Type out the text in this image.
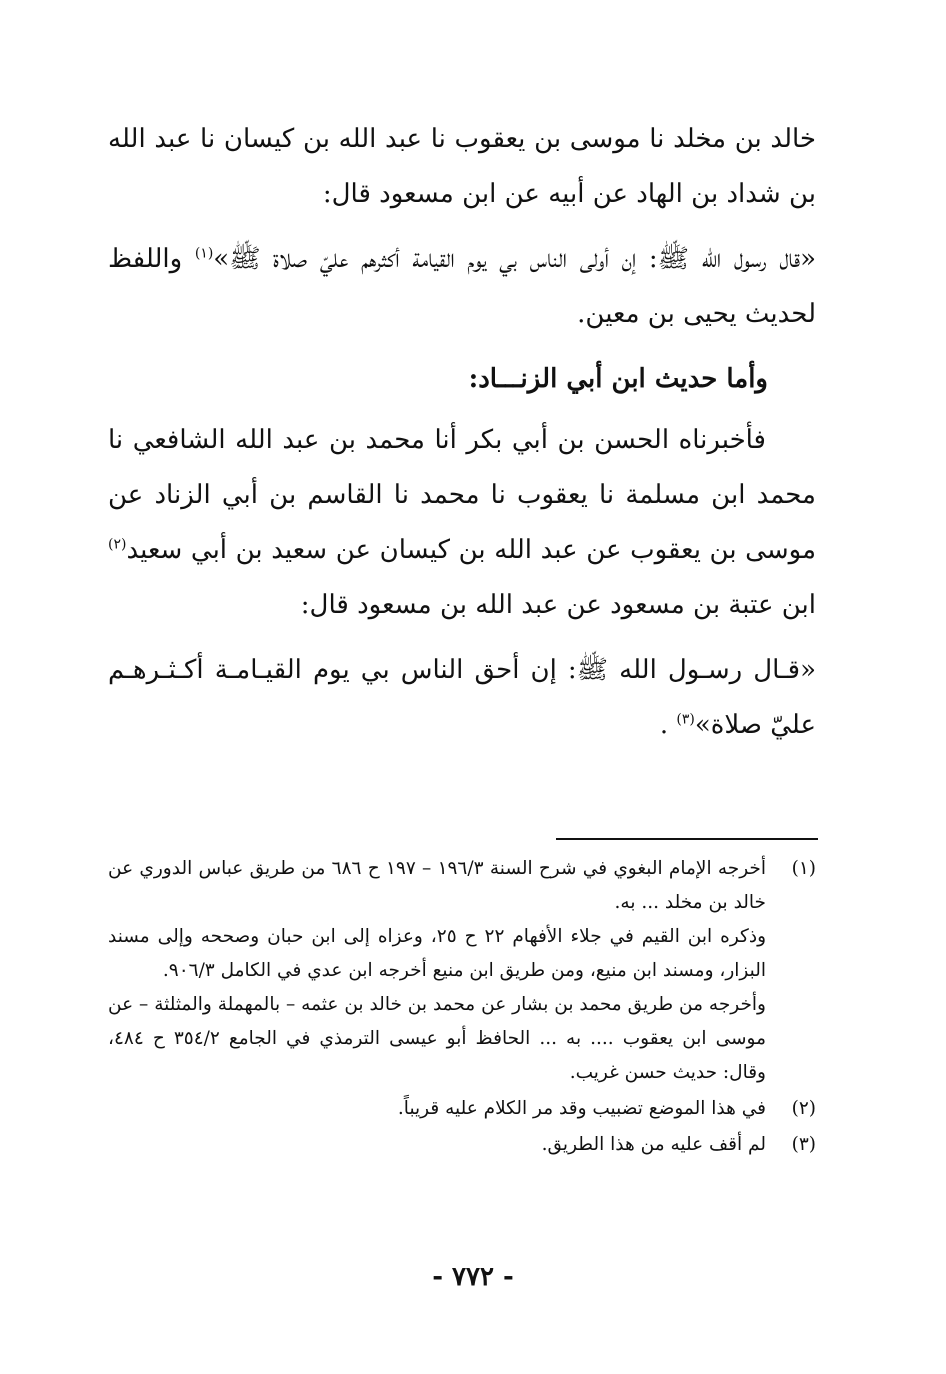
خالد بن مخلد نا موسى بن يعقوب نا عبد الله بن كيسان نا عبد الله بن شداد بن الهاد عن أبيه عن ابن مسعود قال:

«قال رسول الله ﷺ: إن أولى الناس بي يوم القيامة أكثرهم عليّ صلاة ﷺ»$^{(١)}$ واللفظ لحديث يحيى بن معين.

وأما حديث ابن أبي الزنـــاد:

فأخبرناه الحسن بن أبي بكر أنا محمد بن عبد الله الشافعي نا محمد ابن مسلمة نا يعقوب نا محمد نا القاسم بن أبي الزناد عن موسى بن يعقوب عن عبد الله بن كيسان عن سعيد بن أبي سعيد$^{(٢)}$ ابن عتبة بن مسعود عن عبد الله بن مسعود قال:

«قـال رسـول الله ﷺ: إن أحق الناس بي يوم القيـامـة أكـثـرهـم عليّ صلاة»$^{(٣)}$ .

(١)
أخرجه الإمام البغوي في شرح السنة ١٩٦/٣ – ١٩٧ ح ٦٨٦ من طريق عباس الدوري عن خالد بن مخلد ... به.
وذكره ابن القيم في جلاء الأفهام ٢٢ ح ٢٥، وعزاه إلى ابن حبان وصححه وإلى مسند البزار، ومسند ابن منيع، ومن طريق ابن منيع أخرجه ابن عدي في الكامل ٩٠٦/٣.
وأخرجه من طريق محمد بن بشار عن محمد بن خالد بن عثمه – بالمهملة والمثلثة – عن موسى ابن يعقوب .... به ... الحافظ أبو عيسى الترمذي في الجامع ٣٥٤/٢ ح ٤٨٤، وقال: حديث حسن غريب.
(٢)
في هذا الموضع تضبيب وقد مر الكلام عليه قريباً.
(٣)
لم أقف عليه من هذا الطريق.
- ٧٧٢ -
